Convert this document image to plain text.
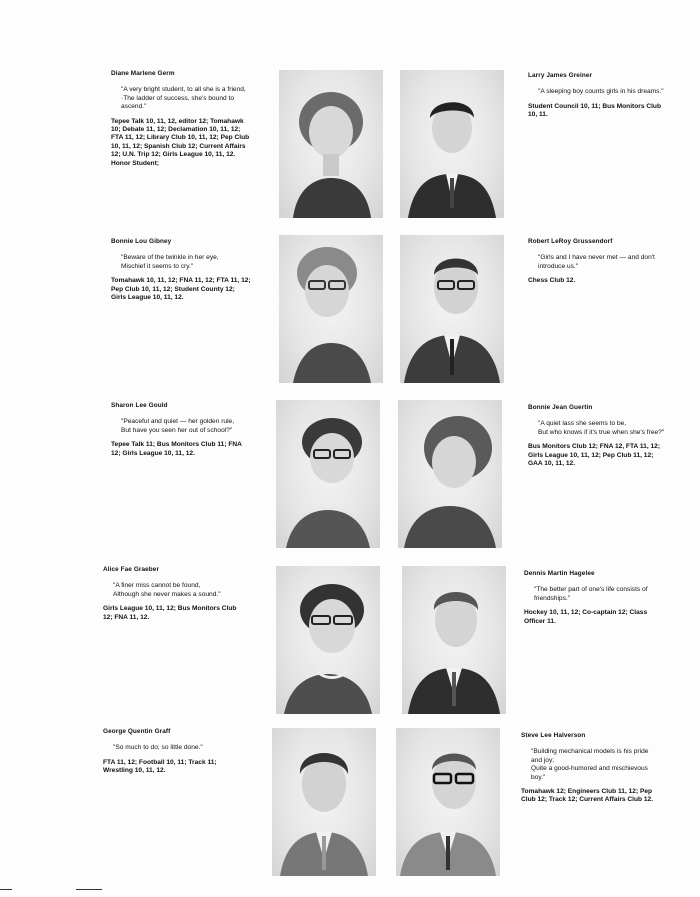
Diane Marlene Germ
"A very bright student, to all she is a friend,
·The ladder of success, she's bound to ascend."
Tepee Talk 10, 11, 12, editor 12; Tomahawk 10; Debate 11, 12; Declamation 10, 11, 12; FTA 11, 12; Library Club 10, 11, 12; Pep Club 10, 11, 12; Spanish Club 12; Current Affairs 12; U.N. Trip 12; Girls League 10, 11, 12. Honor Student;
Larry James Greiner
"A sleeping boy counts girls in his dreams."
Student Council 10, 11; Bus Monitors Club 10, 11.
Bonnie Lou Gibney
"Beware of the twinkle in her eye,
Mischief it seems to cry."
Tomahawk 10, 11, 12; FNA 11, 12; FTA 11, 12; Pep Club 10, 11, 12; Student County 12; Girls League 10, 11, 12.
Robert LeRoy Grussendorf
"Girls and I have never met — and don't introduce us."
Chess Club 12.
Sharon Lee Gould
"Peaceful and quiet — her golden rule,
But have you seen her out of school?"
Tepee Talk 11; Bus Monitors Club 11; FNA 12; Girls League 10, 11, 12.
Bonnie Jean Guertin
"A quiet lass she seems to be,
But who knows if it's true when she's free?"
Bus Monitors Club 12; FNA 12, FTA 11, 12; Girls League 10, 11, 12; Pep Club 11, 12; GAA 10, 11, 12.
Alice Fae Graeber
"A finer miss cannot be found,
Although she never makes a sound."
Girls League 10, 11, 12; Bus Monitors Club 12; FNA 11, 12.
Dennis Martin Hagelee
"The better part of one's life consists of friendships."
Hockey 10, 11, 12; Co-captain 12; Class Officer 11.
George Quentin Graff
"So much to do; so little done."
FTA 11, 12; Football 10, 11; Track 11; Wrestling 10, 11, 12.
Steve Lee Halverson
"Building mechanical models is his pride and joy;
Quite a good-humored and mischievous boy."
Tomahawk 12; Engineers Club 11, 12; Pep Club 12; Track 12; Current Affairs Club 12.
